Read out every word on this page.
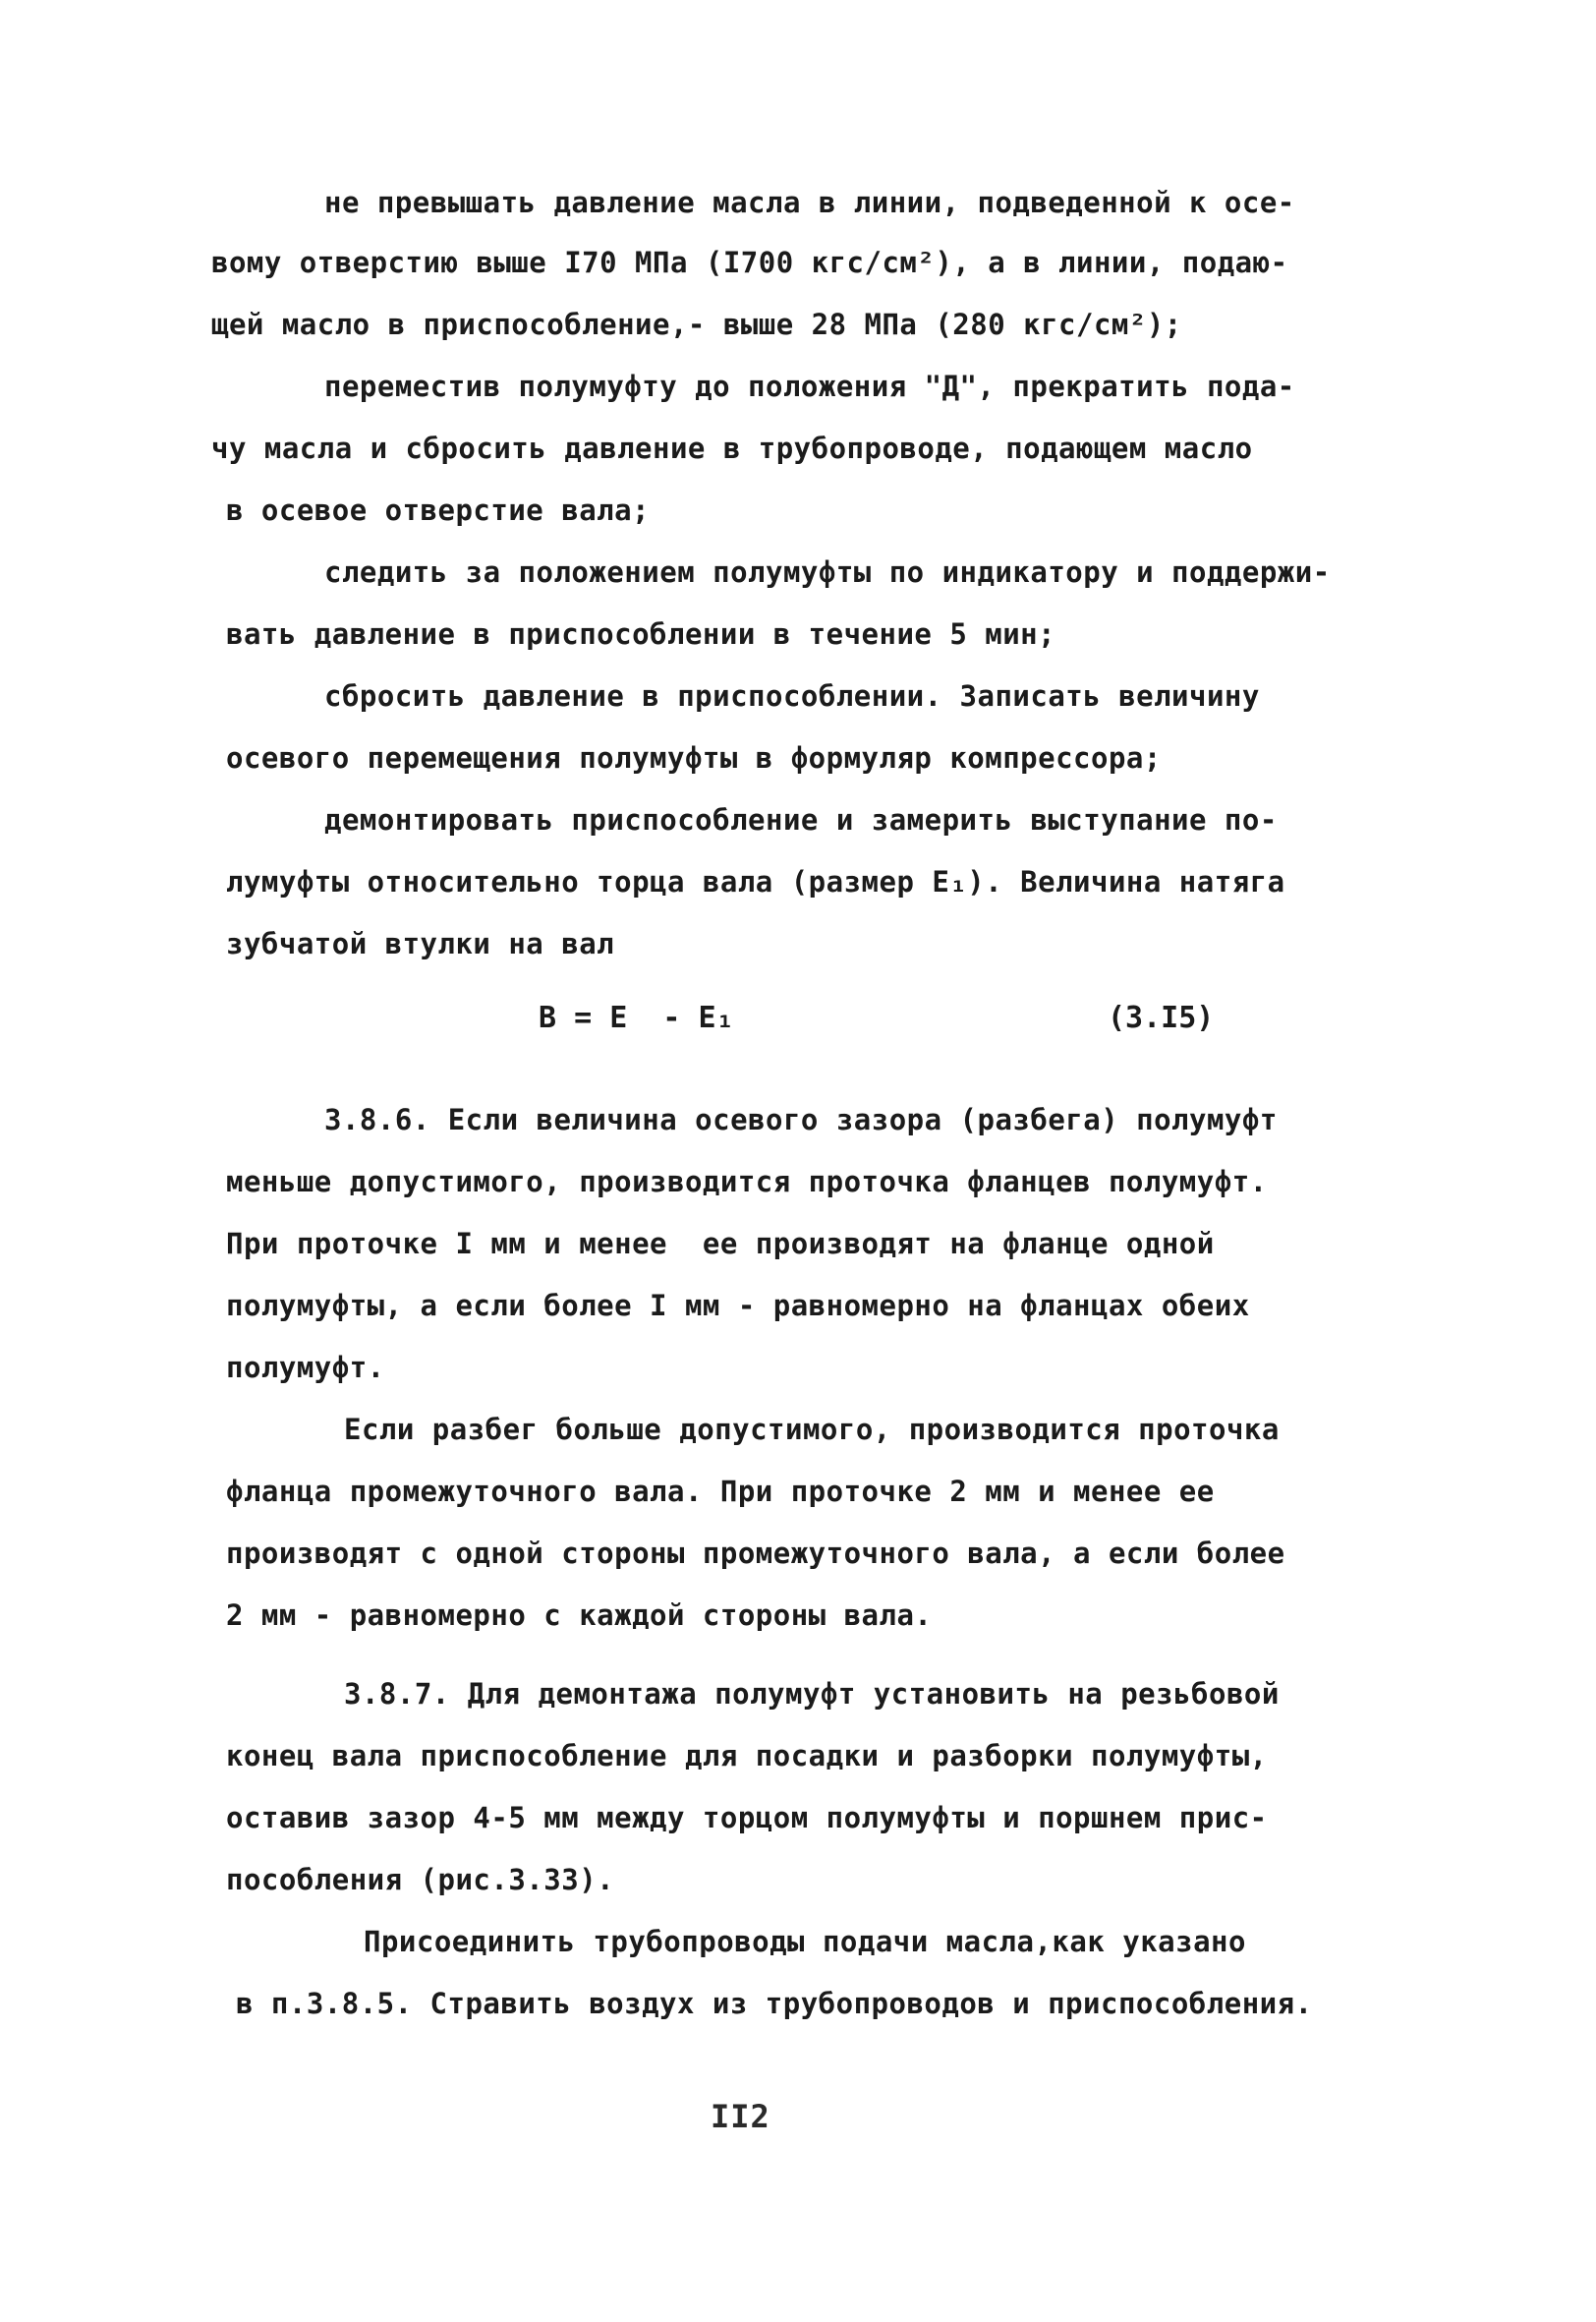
не превышать давление масла в линии, подведенной к осе-
вому отверстию выше I70 МПа (I700 кгс/см²), а в линии, подаю-
щей масло в приспособление,- выше 28 МПа (280 кгс/см²);
переместив полумуфту до положения "Д", прекратить пода-
чу масла и сбросить давление в трубопроводе, подающем масло
в осевое отверстие вала;
следить за положением полумуфты по индикатору и поддержи-
вать давление в приспособлении в течение 5 мин;
сбросить давление в приспособлении. Записать величину
осевого перемещения полумуфты в формуляр компрессора;
демонтировать приспособление и замерить выступание по-
лумуфты относительно торца вала (размер E₁). Величина натяга
зубчатой втулки на вал
B = E  - E₁	(3.I5)
3.8.6. Если величина осевого зазора (разбега) полумуфт
меньше допустимого, производится проточка фланцев полумуфт.
При проточке I мм и менее  ее производят на фланце одной
полумуфты, а если более I мм - равномерно на фланцах обеих
полумуфт.
Если разбег больше допустимого, производится проточка
фланца промежуточного вала. При проточке 2 мм и менее ее
производят с одной стороны промежуточного вала, а если более
2 мм - равномерно с каждой стороны вала.
3.8.7. Для демонтажа полумуфт установить на резьбовой
конец вала приспособление для посадки и разборки полумуфты,
оставив зазор 4-5 мм между торцом полумуфты и поршнем прис-
пособления (рис.3.33).
Присоединить трубопроводы подачи масла,как указано
в п.3.8.5. Стравить воздух из трубопроводов и приспособления.
II2
